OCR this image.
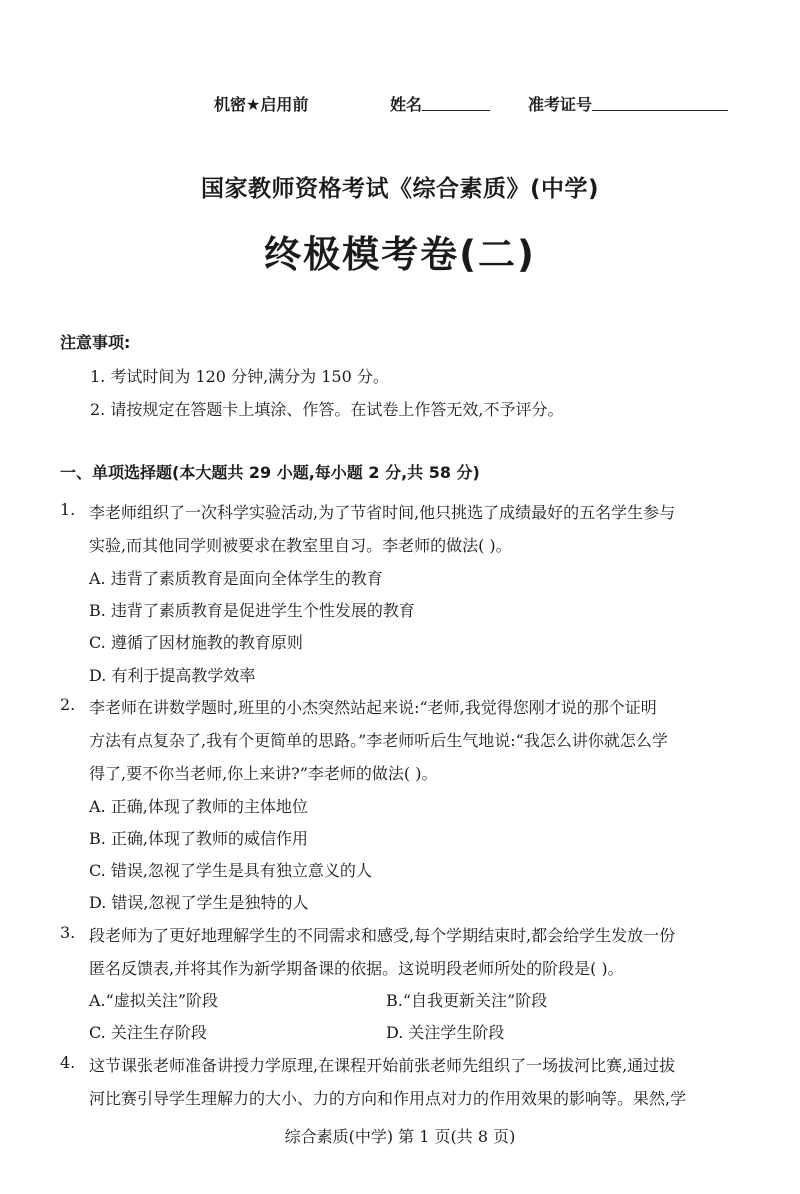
机密★启用前	姓名	准考证号
国家教师资格考试《综合素质》(中学)
终极模考卷(二)
注意事项:
1. 考试时间为 120 分钟,满分为 150 分。
2. 请按规定在答题卡上填涂、作答。在试卷上作答无效,不予评分。
一、单项选择题(本大题共 29 小题,每小题 2 分,共 58 分)
1. 李老师组织了一次科学实验活动,为了节省时间,他只挑选了成绩最好的五名学生参与
实验,而其他同学则被要求在教室里自习。李老师的做法( )。
A. 违背了素质教育是面向全体学生的教育
B. 违背了素质教育是促进学生个性发展的教育
C. 遵循了因材施教的教育原则
D. 有利于提高教学效率
2. 李老师在讲数学题时,班里的小杰突然站起来说:“老师,我觉得您刚才说的那个证明
方法有点复杂了,我有个更简单的思路。”李老师听后生气地说:“我怎么讲你就怎么学
得了,要不你当老师,你上来讲?”李老师的做法( )。
A. 正确,体现了教师的主体地位
B. 正确,体现了教师的威信作用
C. 错误,忽视了学生是具有独立意义的人
D. 错误,忽视了学生是独特的人
3. 段老师为了更好地理解学生的不同需求和感受,每个学期结束时,都会给学生发放一份
匿名反馈表,并将其作为新学期备课的依据。这说明段老师所处的阶段是( )。
A.“虚拟关注”阶段	B.“自我更新关注”阶段
C. 关注生存阶段	D. 关注学生阶段
4. 这节课张老师准备讲授力学原理,在课程开始前张老师先组织了一场拔河比赛,通过拔
河比赛引导学生理解力的大小、力的方向和作用点对力的作用效果的影响等。果然,学
综合素质(中学) 第 1 页(共 8 页)
